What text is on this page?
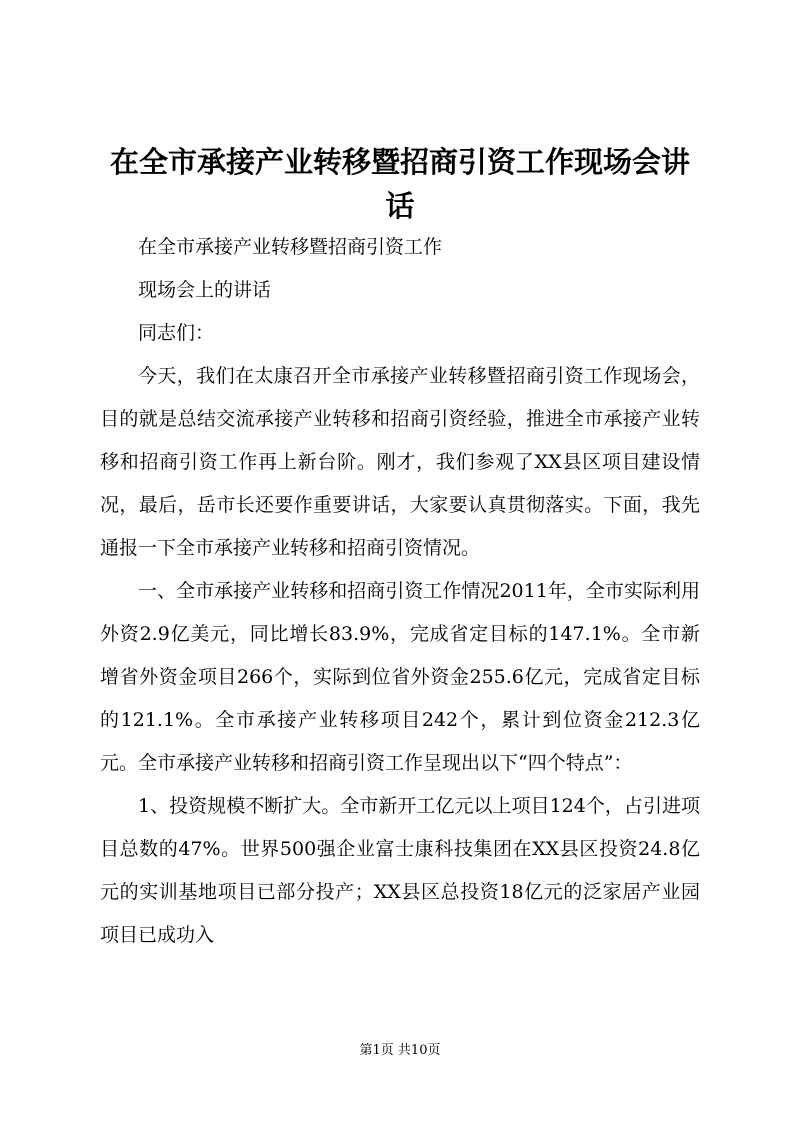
在全市承接产业转移暨招商引资工作现场会讲话

在全市承接产业转移暨招商引资工作

现场会上的讲话

同志们：

今天，我们在太康召开全市承接产业转移暨招商引资工作现场会，目的就是总结交流承接产业转移和招商引资经验，推进全市承接产业转移和招商引资工作再上新台阶。刚才，我们参观了XX县区项目建设情况，最后，岳市长还要作重要讲话，大家要认真贯彻落实。下面，我先通报一下全市承接产业转移和招商引资情况。

一、全市承接产业转移和招商引资工作情况2011年，全市实际利用外资2.9亿美元，同比增长83.9%，完成省定目标的147.1%。全市新增省外资金项目266个，实际到位省外资金255.6亿元，完成省定目标的121.1%。全市承接产业转移项目242个，累计到位资金212.3亿元。全市承接产业转移和招商引资工作呈现出以下“四个特点”：

1、投资规模不断扩大。全市新开工亿元以上项目124个，占引进项目总数的47%。世界500强企业富士康科技集团在XX县区投资24.8亿元的实训基地项目已部分投产；XX县区总投资18亿元的泛家居产业园项目已成功入

第1页 共10页
